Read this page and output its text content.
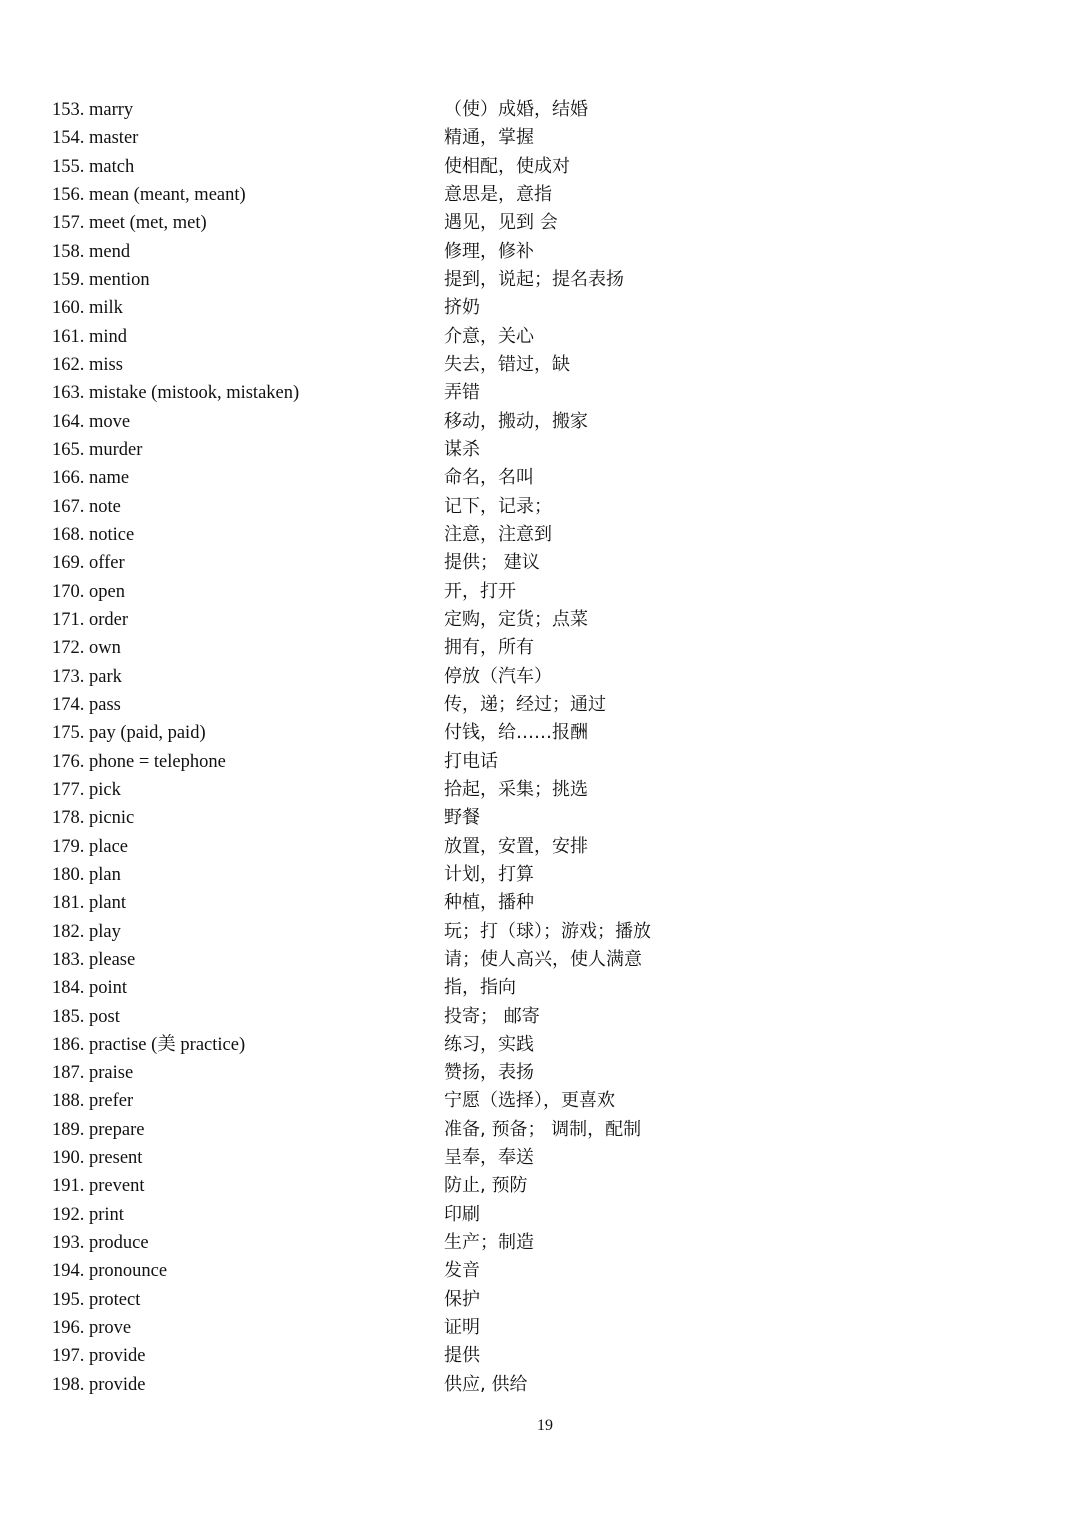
153. marry	（使）成婚，结婚
154. master	精通，掌握
155. match	使相配，使成对
156. mean (meant, meant)	意思是，意指
157. meet (met, met)	遇见，见到 会
158. mend	修理，修补
159. mention	提到，说起；提名表扬
160. milk	挤奶
161. mind	介意，关心
162. miss	失去，错过，缺
163. mistake (mistook, mistaken)	弄错
164. move	移动，搬动，搬家
165. murder	谋杀
166. name	命名，名叫
167. note	记下，记录；
168. notice	注意，注意到
169. offer	提供； 建议
170. open	开，打开
171. order	定购，定货；点菜
172. own	拥有，所有
173. park	停放（汽车）
174. pass	传，递；经过；通过
175. pay (paid, paid)	付钱，给……报酬
176. phone = telephone	打电话
177. pick	拾起，采集；挑选
178. picnic	野餐
179. place	放置，安置，安排
180. plan	计划，打算
181. plant	种植，播种
182. play	玩；打（球）；游戏；播放
183. please	请；使人高兴，使人满意
184. point	指，指向
185. post	投寄； 邮寄
186. practise (美 practice)	练习，实践
187. praise	赞扬，表扬
188. prefer	宁愿（选择），更喜欢
189. prepare	准备, 预备； 调制，配制
190. present	呈奉，奉送
191. prevent	防止, 预防
192. print	印刷
193. produce	生产；制造
194. pronounce	发音
195. protect	保护
196. prove	证明
197. provide	提供
198. provide	供应, 供给
19
